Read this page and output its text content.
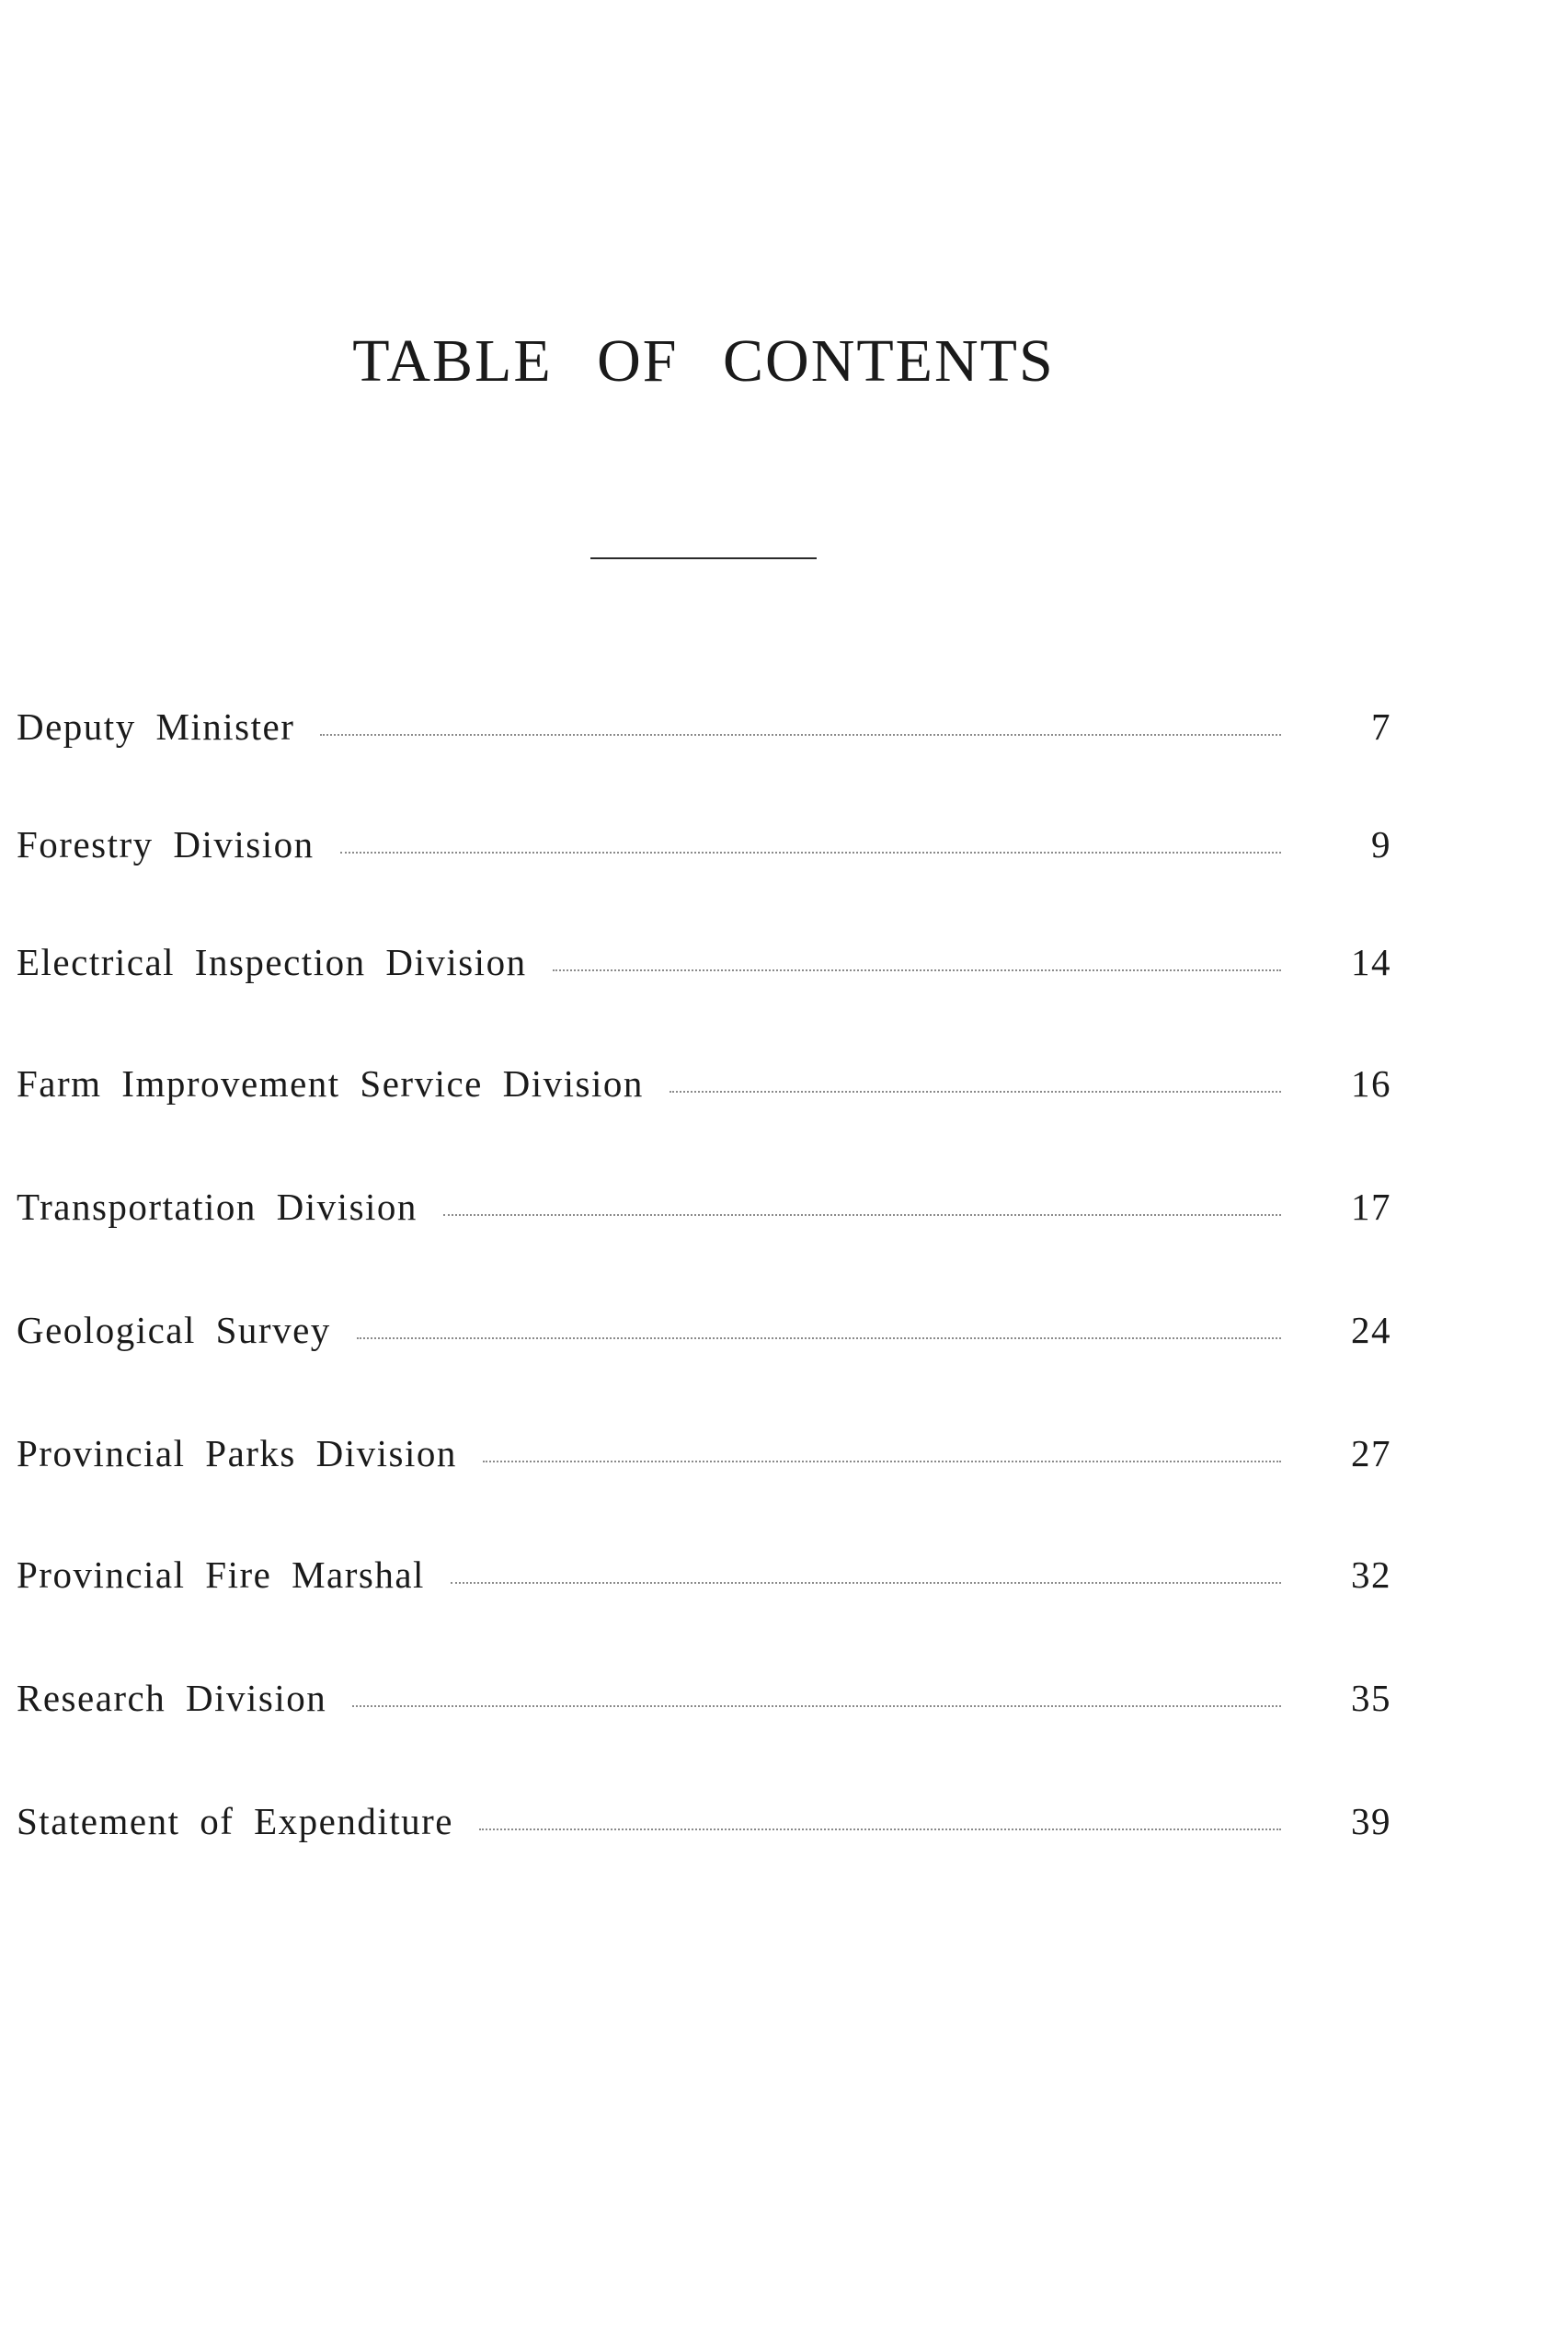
TABLE OF CONTENTS
Deputy Minister	7
Forestry Division	9
Electrical Inspection Division	14
Farm Improvement Service Division	16
Transportation Division	17
Geological Survey	24
Provincial Parks Division	27
Provincial Fire Marshal	32
Research Division	35
Statement of Expenditure	39
